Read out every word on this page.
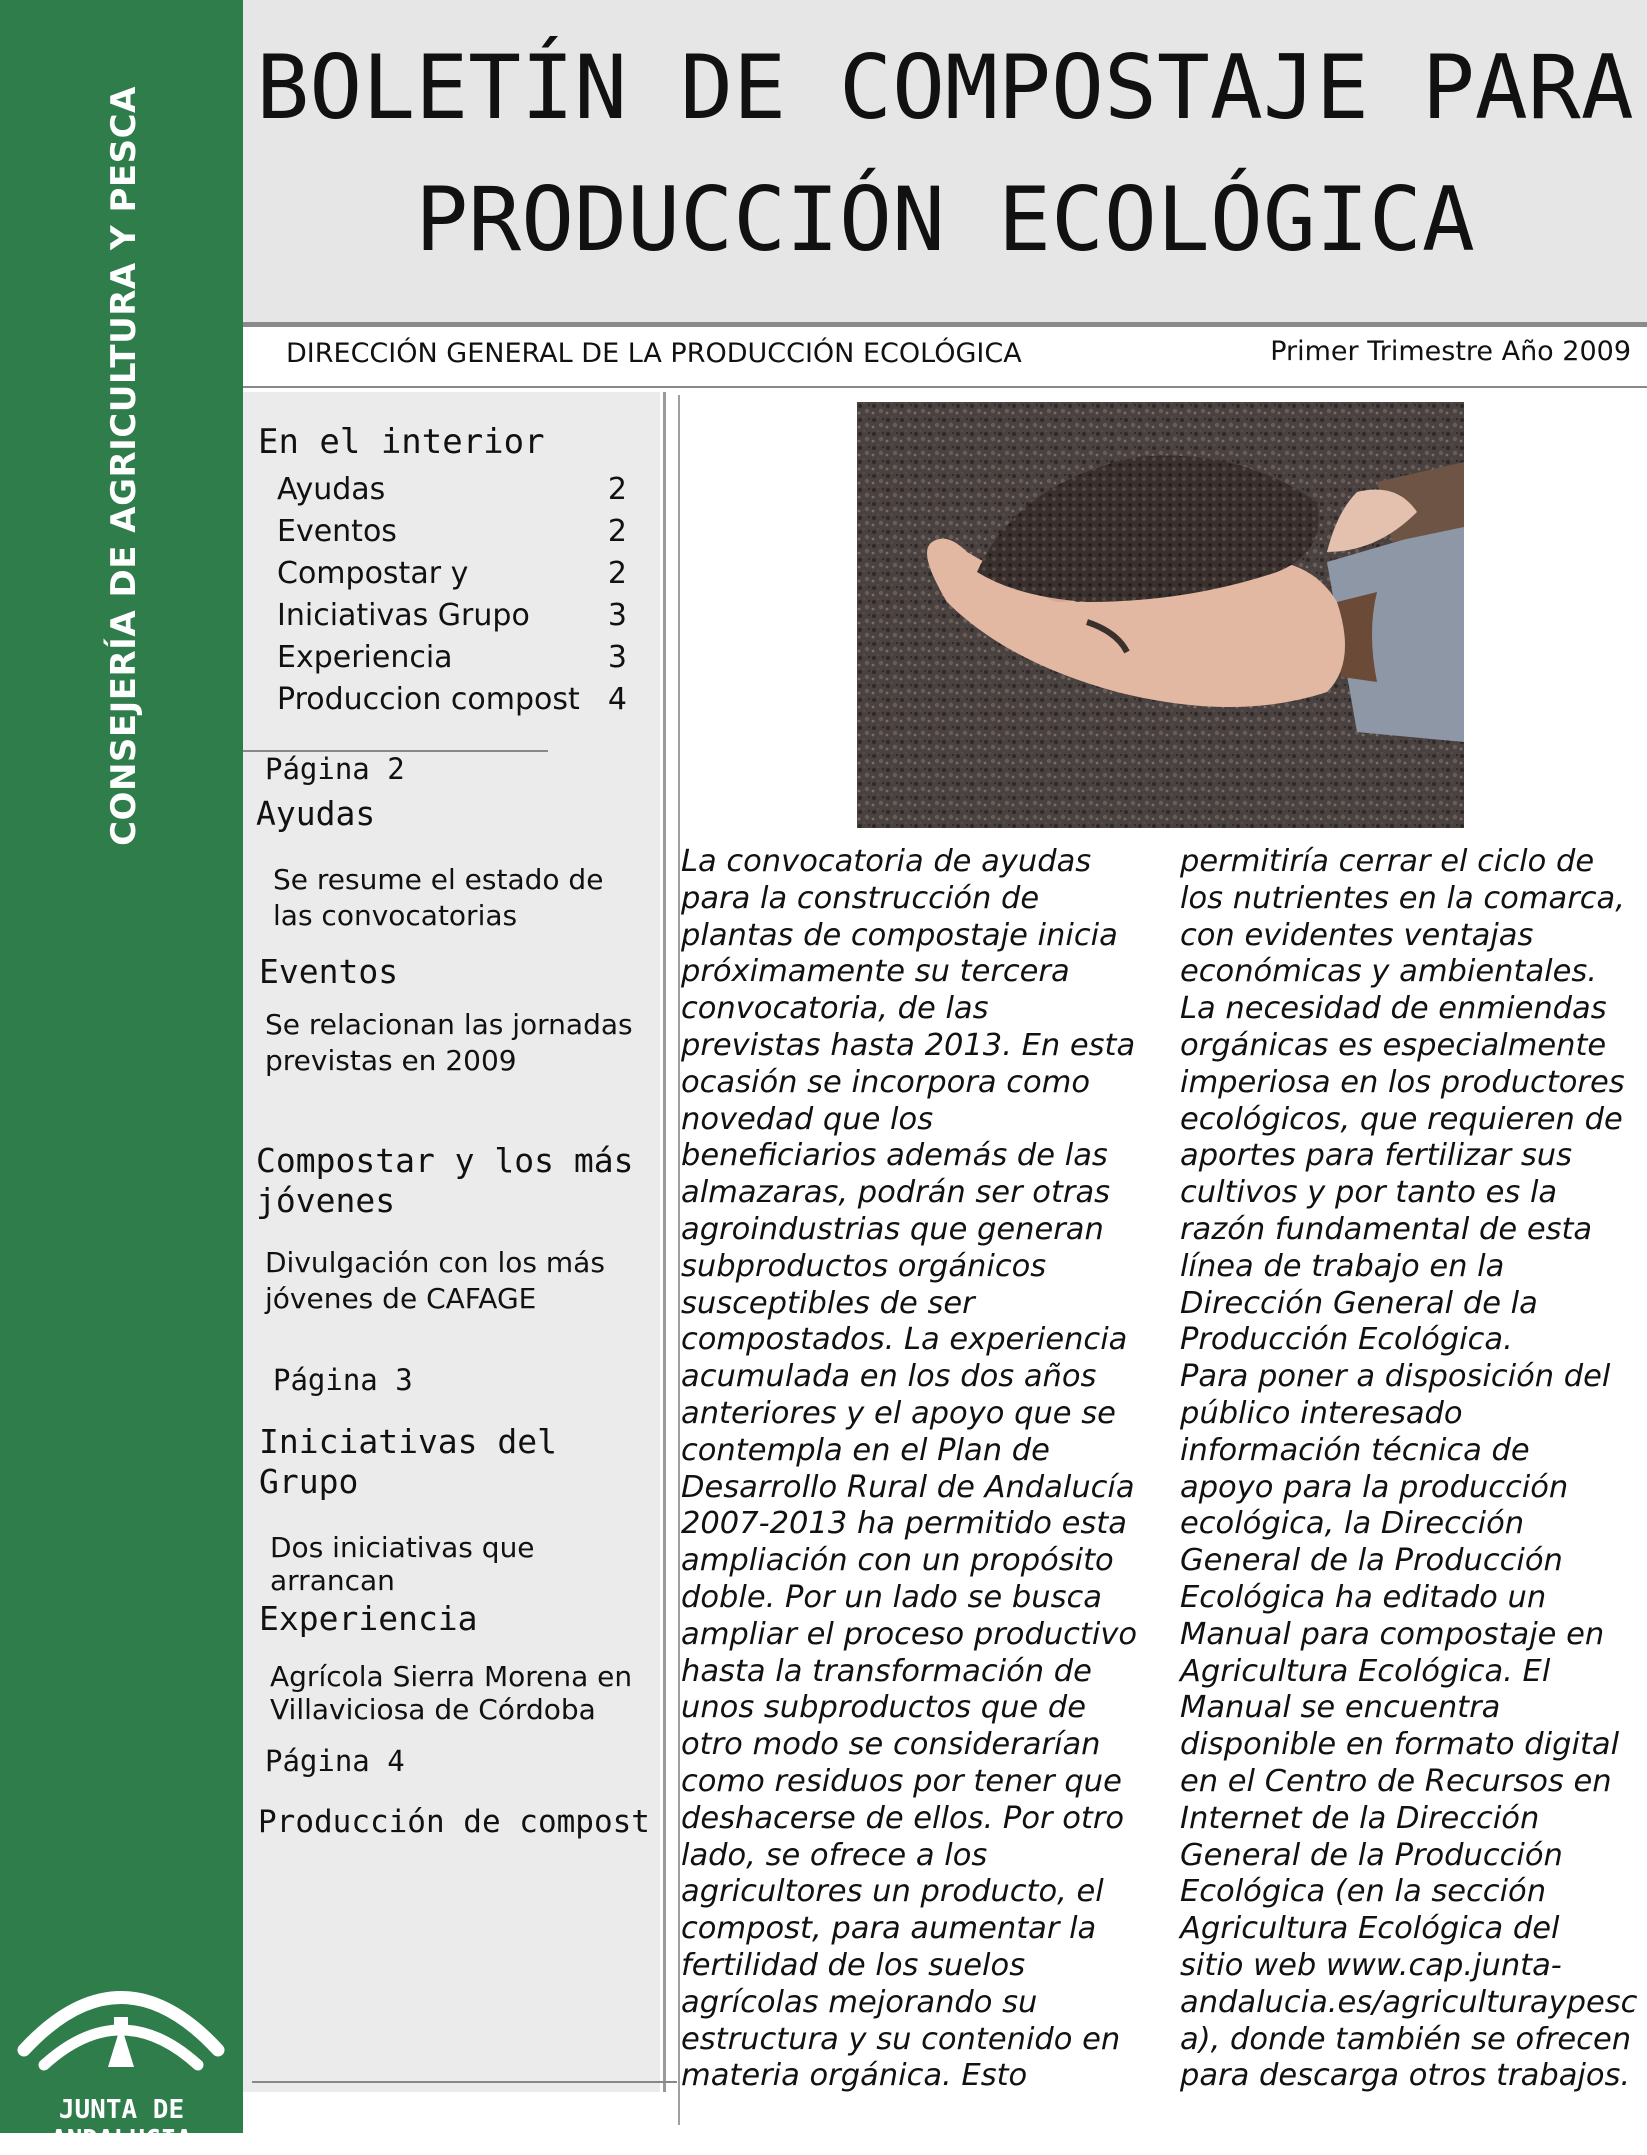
CONSEJERÍA DE AGRICULTURA Y PESCA
JUNTA DE ANDALUCIA
BOLETÍN DE COMPOSTAJE PARA
PRODUCCIÓN ECOLÓGICA
DIRECCIÓN GENERAL DE LA PRODUCCIÓN ECOLÓGICA	Primer Trimestre Año 2009
En el interior
Ayudas	2
Eventos	2
Compostar y	2
Iniciativas Grupo	3
Experiencia	3
Produccion compost 4
Página 2
Ayudas
Se resume el estado de las convocatorias
Eventos
Se relacionan las jornadas previstas en 2009
Compostar y los más jóvenes
Divulgación con los más jóvenes de CAFAGE
Página 3
Iniciativas del Grupo
Dos iniciativas que arrancan
Experiencia
Agrícola Sierra Morena en Villaviciosa de Córdoba
Página 4
Producción de compost
La convocatoria de ayudas
para la construcción de
plantas de compostaje inicia
próximamente su tercera
convocatoria, de las
previstas hasta 2013. En esta
ocasión se incorpora como
novedad que los
beneficiarios además de las
almazaras, podrán ser otras
agroindustrias que generan
subproductos orgánicos
susceptibles de ser
compostados. La experiencia
acumulada en los dos años
anteriores y el apoyo que se
contempla en el Plan de
Desarrollo Rural de Andalucía
2007-2013 ha permitido esta
ampliación con un propósito
doble. Por un lado se busca
ampliar el proceso productivo
hasta la transformación de
unos subproductos que de
otro modo se considerarían
como residuos por tener que
deshacerse de ellos. Por otro
lado, se ofrece a los
agricultores un producto, el
compost, para aumentar la
fertilidad de los suelos
agrícolas mejorando su
estructura y su contenido en
materia orgánica. Esto
permitiría cerrar el ciclo de
los nutrientes en la comarca,
con evidentes ventajas
económicas y ambientales.
La necesidad de enmiendas
orgánicas es especialmente
imperiosa en los productores
ecológicos, que requieren de
aportes para fertilizar sus
cultivos y por tanto es la
razón fundamental de esta
línea de trabajo en la
Dirección General de la
Producción Ecológica.
Para poner a disposición del
público interesado
información técnica de
apoyo para la producción
ecológica, la Dirección
General de la Producción
Ecológica ha editado un
Manual para compostaje en
Agricultura Ecológica. El
Manual se encuentra
disponible en formato digital
en el Centro de Recursos en
Internet de la Dirección
General de la Producción
Ecológica (en la sección
Agricultura Ecológica del
sitio web www.cap.junta-
andalucia.es/agriculturaypesc
a), donde también se ofrecen
para descarga otros trabajos.
